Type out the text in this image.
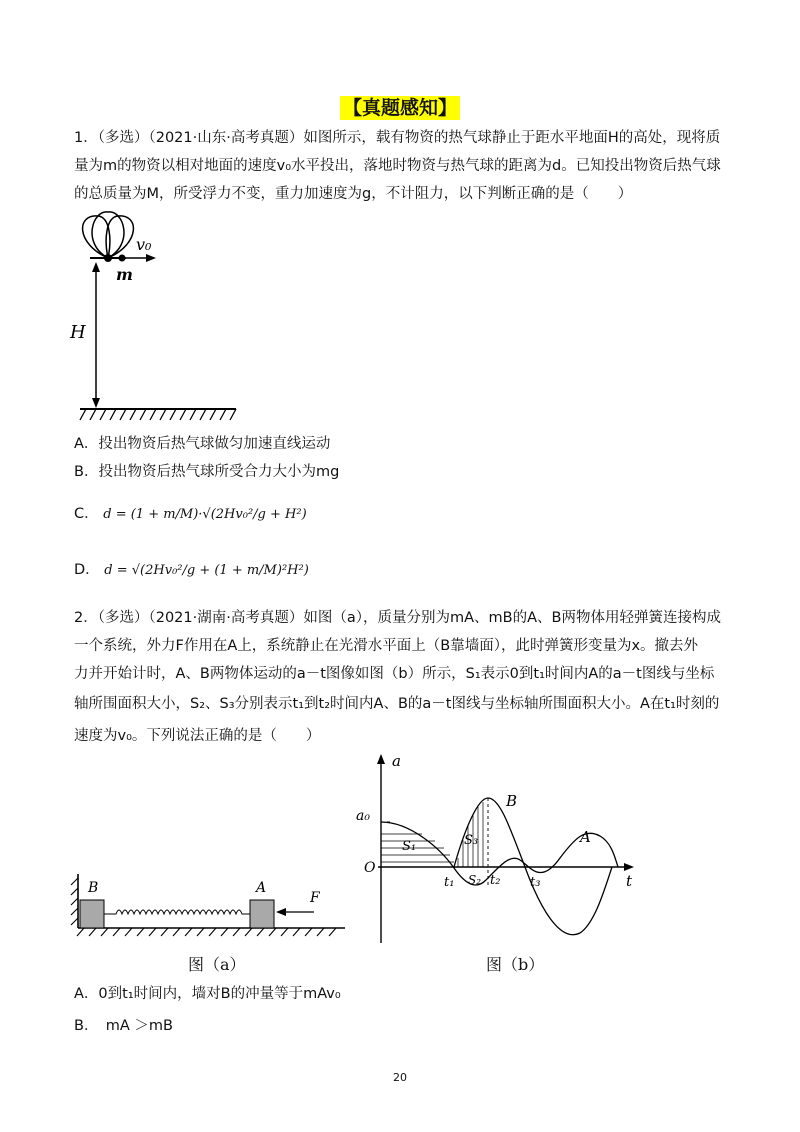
【真题感知】

1．（多选）（2021·山东·高考真题）如图所示，载有物资的热气球静止于距水平地面H的高处，现将质

量为m的物资以相对地面的速度v₀水平投出，落地时物资与热气球的距离为d。已知投出物资后热气球

的总质量为M，所受浮力不变，重力加速度为g，不计阻力，以下判断正确的是（　　）

v₀
m
H

A．投出物资后热气球做匀加速直线运动

B．投出物资后热气球所受合力大小为mg

C． d = (1 + m/M)·√(2Hv₀²/g + H²)

D． d = √(2Hv₀²/g + (1 + m/M)²H²)

2．（多选）（2021·湖南·高考真题）如图（a），质量分别为mA、mB的A、B两物体用轻弹簧连接构成

一个系统，外力F作用在A上，系统静止在光滑水平面上（B靠墙面），此时弹簧形变量为x。撤去外

力并开始计时，A、B两物体运动的a－t图像如图（b）所示，S₁表示0到t₁时间内A的a－t图线与坐标

轴所围面积大小，S₂、S₃分别表示t₁到t₂时间内A、B的a－t图线与坐标轴所围面积大小。A在t₁时刻的

速度为v₀。下列说法正确的是（　　）

B	A
F
图（a）
a
a₀
O
t
t₁	t₂ t₃
S₁
S₂
S₃
B
A
图（b）

A．0到t₁时间内，墙对B的冲量等于mAv₀

B．　mA ＞mB

20
